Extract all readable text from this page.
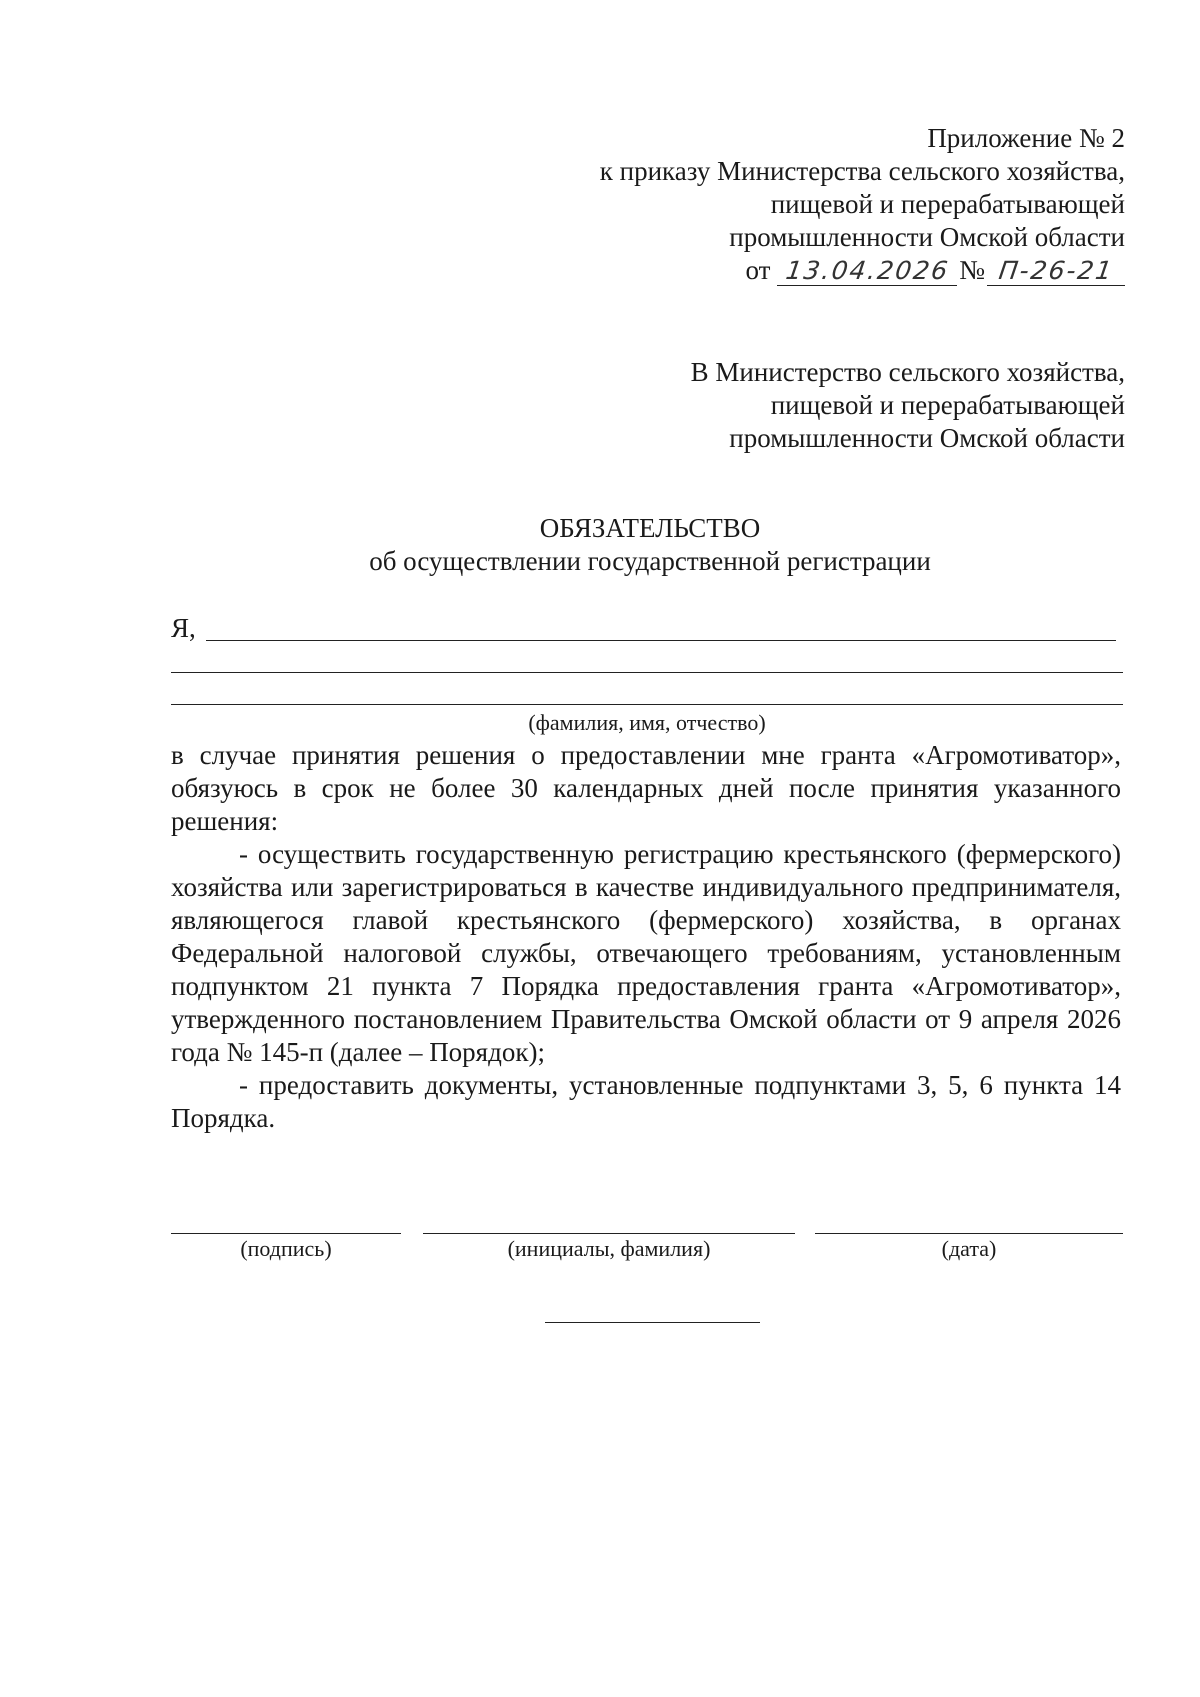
Приложение № 2
к приказу Министерства сельского хозяйства,
пищевой и перерабатывающей
промышленности Омской области
от 13.04.2026 № П-26-21
В Министерство сельского хозяйства,
пищевой и перерабатывающей
промышленности Омской области
ОБЯЗАТЕЛЬСТВО
об осуществлении государственной регистрации
Я,
(фамилия, имя, отчество)

в случае принятия решения о предоставлении мне гранта «Агромотиватор», обязуюсь в срок не более 30 календарных дней после принятия указанного решения:

- осуществить государственную регистрацию крестьянского (фермерского) хозяйства или зарегистрироваться в качестве индивидуального предпринимателя, являющегося главой крестьянского (фермерского) хозяйства, в органах Федеральной налоговой службы, отвечающего требованиям, установленным подпунктом 21 пункта 7 Порядка предоставления гранта «Агромотиватор», утвержденного постановлением Правительства Омской области от 9 апреля 2026 года № 145-п (далее – Порядок);

- предоставить документы, установленные подпунктами 3, 5, 6 пункта 14 Порядка.

(подпись)	(инициалы, фамилия)	(дата)
